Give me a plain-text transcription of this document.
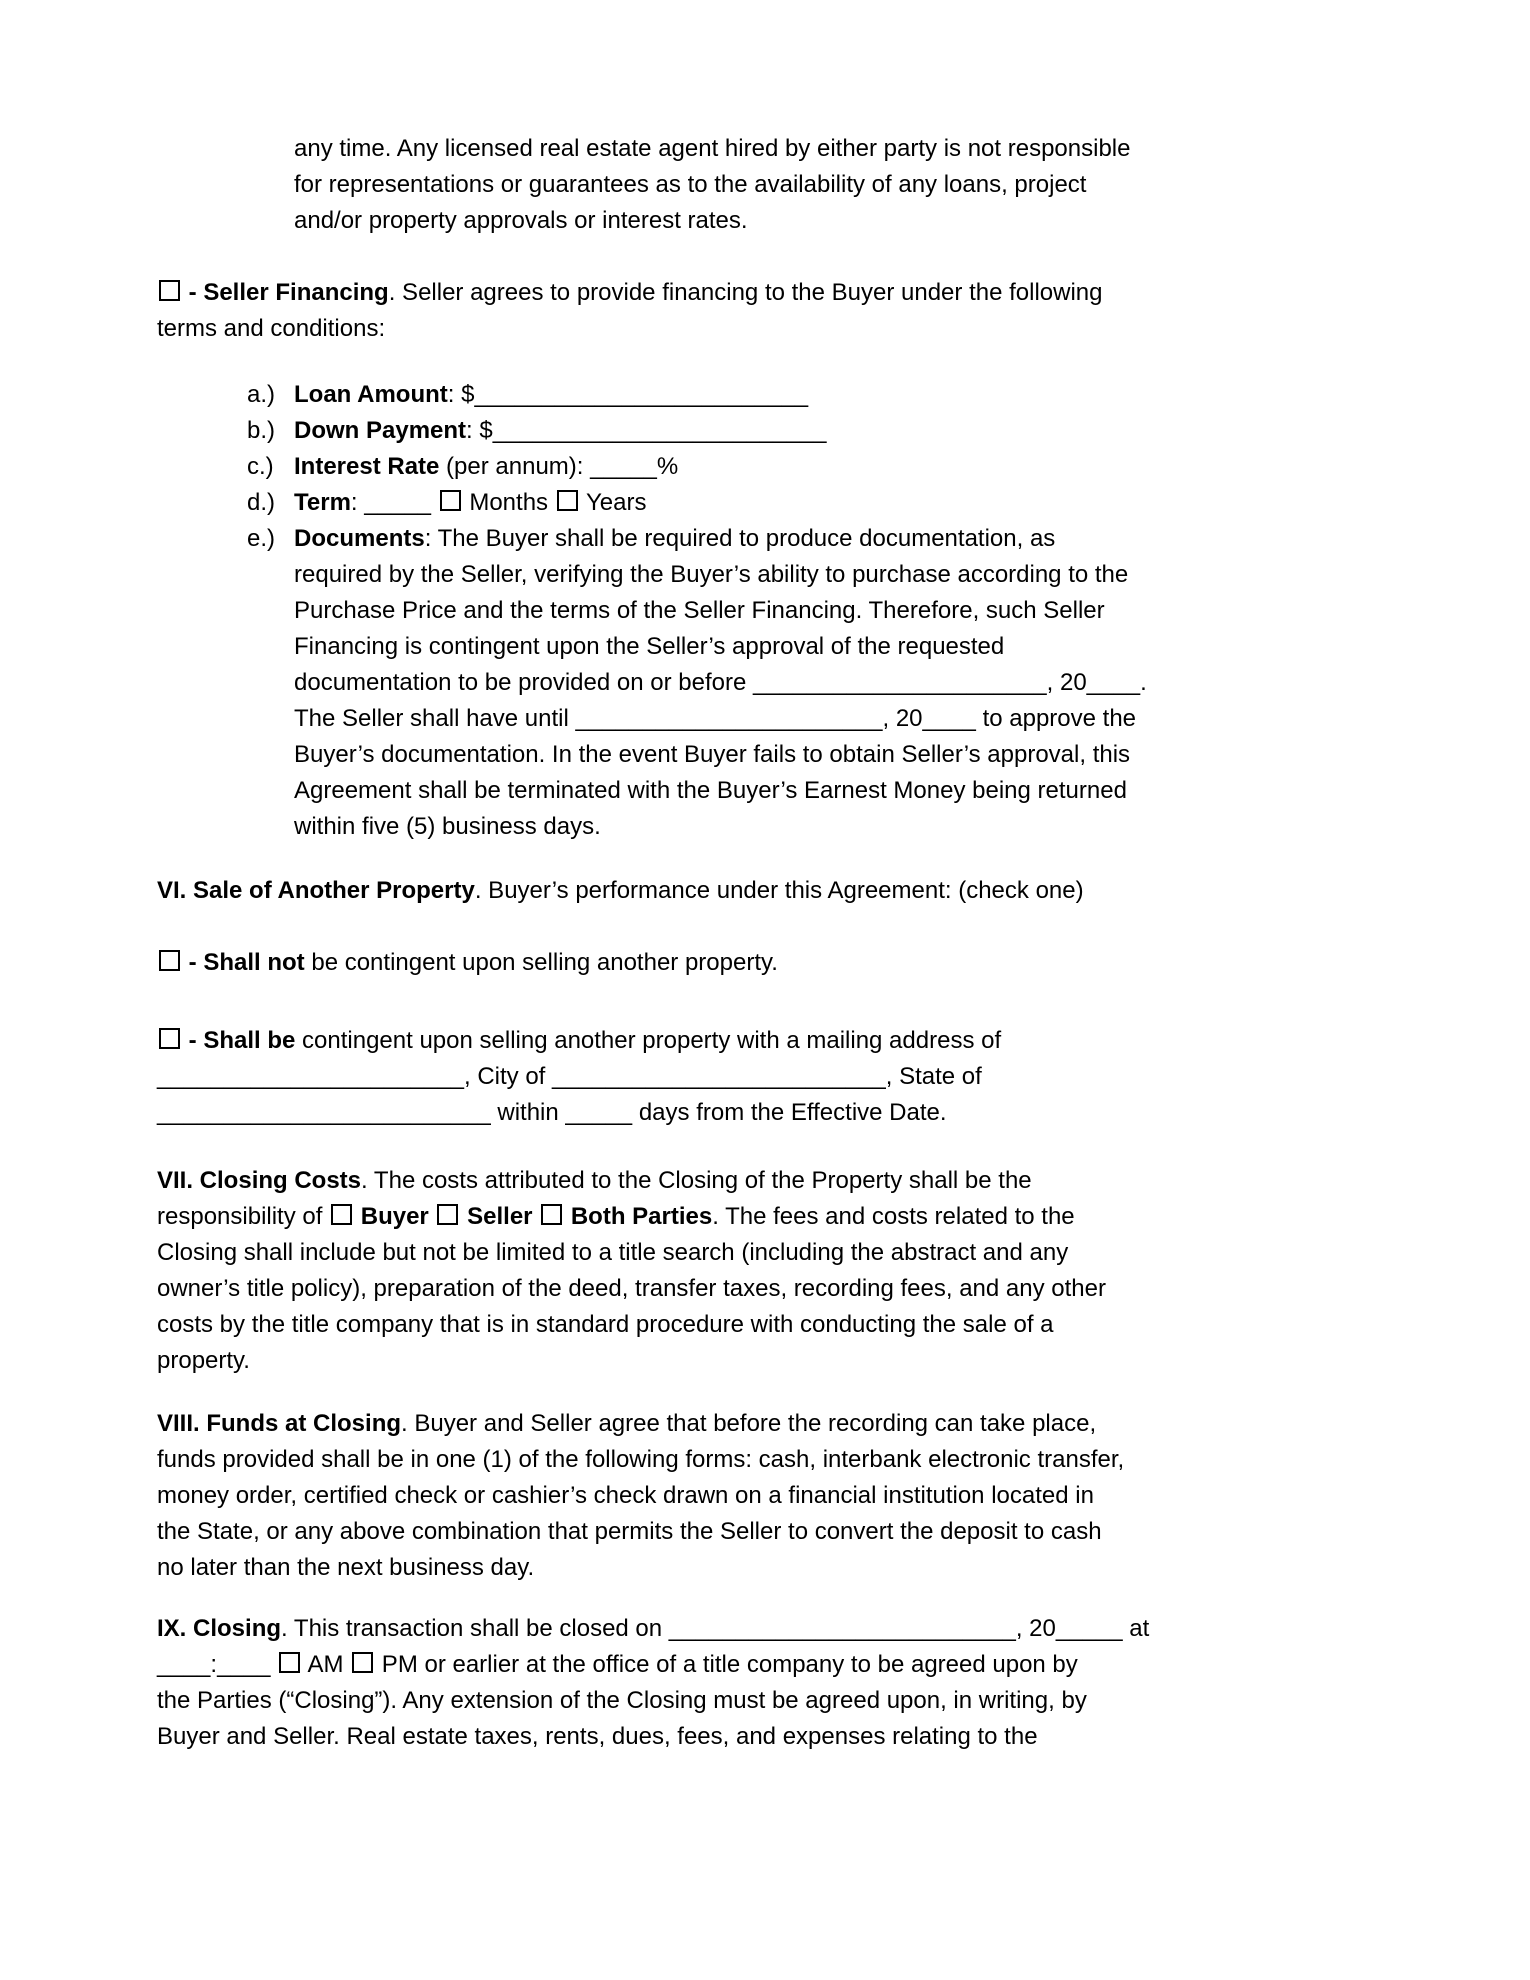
any time. Any licensed real estate agent hired by either party is not responsible
for representations or guarantees as to the availability of any loans, project
and/or property approvals or interest rates.
- Seller Financing. Seller agrees to provide financing to the Buyer under the following
terms and conditions:
a.) Loan Amount: $_________________________
b.) Down Payment: $_________________________
c.) Interest Rate (per annum): _____%
d.) Term: _____  Months  Years
e.) Documents: The Buyer shall be required to produce documentation, as
required by the Seller, verifying the Buyer’s ability to purchase according to the
Purchase Price and the terms of the Seller Financing. Therefore, such Seller
Financing is contingent upon the Seller’s approval of the requested
documentation to be provided on or before ______________________, 20____.
The Seller shall have until _______________________, 20____ to approve the
Buyer’s documentation. In the event Buyer fails to obtain Seller’s approval, this
Agreement shall be terminated with the Buyer’s Earnest Money being returned
within five (5) business days.
VI. Sale of Another Property. Buyer’s performance under this Agreement: (check one)
- Shall not be contingent upon selling another property.
- Shall be contingent upon selling another property with a mailing address of
_______________________, City of _________________________, State of
_________________________ within _____ days from the Effective Date.
VII. Closing Costs. The costs attributed to the Closing of the Property shall be the
responsibility of  Buyer  Seller  Both Parties. The fees and costs related to the
Closing shall include but not be limited to a title search (including the abstract and any
owner’s title policy), preparation of the deed, transfer taxes, recording fees, and any other
costs by the title company that is in standard procedure with conducting the sale of a
property.
VIII. Funds at Closing. Buyer and Seller agree that before the recording can take place,
funds provided shall be in one (1) of the following forms: cash, interbank electronic transfer,
money order, certified check or cashier’s check drawn on a financial institution located in
the State, or any above combination that permits the Seller to convert the deposit to cash
no later than the next business day.
IX. Closing. This transaction shall be closed on __________________________, 20_____ at
____:____  AM  PM or earlier at the office of a title company to be agreed upon by
the Parties (“Closing”). Any extension of the Closing must be agreed upon, in writing, by
Buyer and Seller. Real estate taxes, rents, dues, fees, and expenses relating to the
